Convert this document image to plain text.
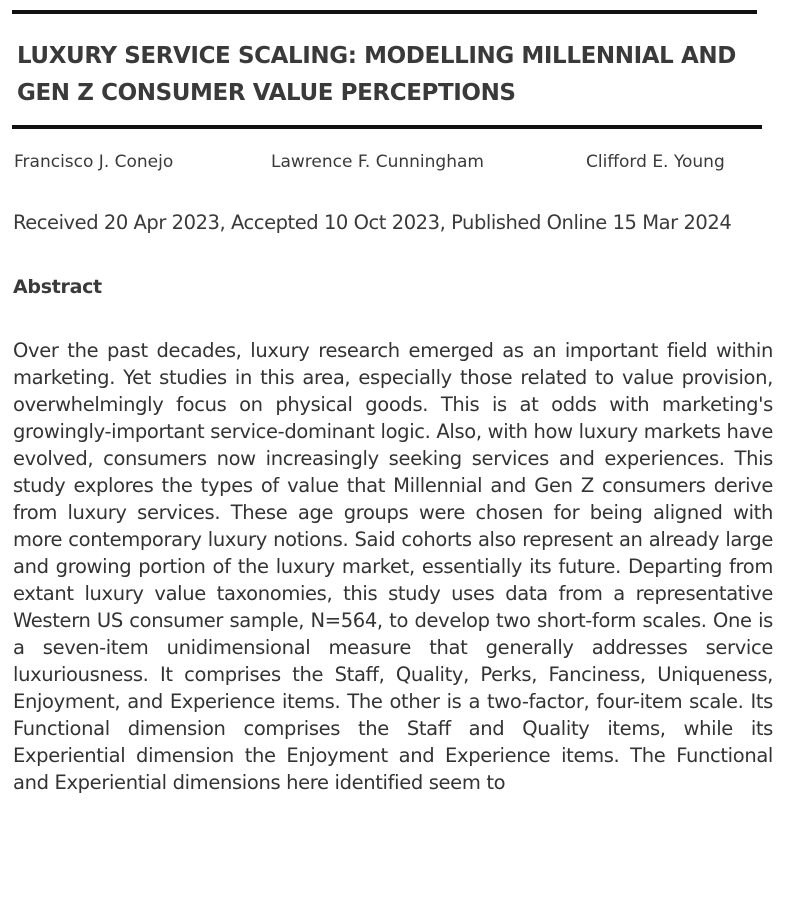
LUXURY SERVICE SCALING: MODELLING MILLENNIAL AND GEN Z CONSUMER VALUE PERCEPTIONS
Francisco J. Conejo	Lawrence F. Cunningham	Clifford E. Young
Received 20 Apr 2023, Accepted 10 Oct 2023, Published Online 15 Mar 2024
Abstract

Over the past decades, luxury research emerged as an important field within marketing. Yet studies in this area, especially those related to value provision, overwhelmingly focus on physical goods. This is at odds with marketing's growingly-important service-dominant logic. Also, with how luxury markets have evolved, consumers now increasingly seeking services and experiences. This study explores the types of value that Millennial and Gen Z consumers derive from luxury services. These age groups were chosen for being aligned with more contemporary luxury notions. Said cohorts also represent an already large and growing portion of the luxury market, essentially its future. Departing from extant luxury value taxonomies, this study uses data from a representative Western US consumer sample, N=564, to develop two short-form scales. One is a seven-item unidimensional measure that generally addresses service luxuriousness. It comprises the Staff, Quality, Perks, Fanciness, Uniqueness, Enjoyment, and Experience items. The other is a two-factor, four-item scale. Its Functional dimension comprises the Staff and Quality items, while its Experiential dimension the Enjoyment and Experience items. The Functional and Experiential dimensions here identified seem to
